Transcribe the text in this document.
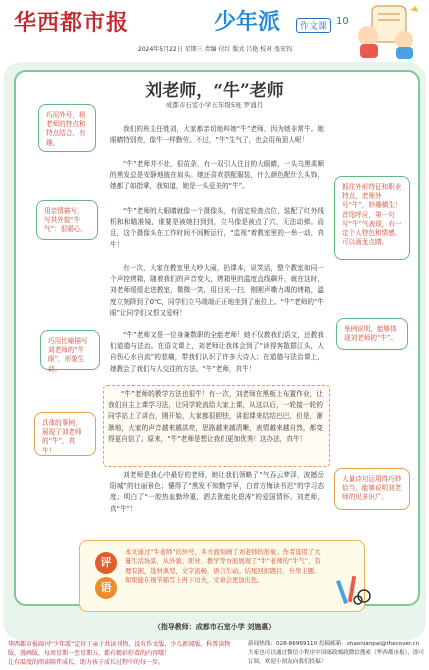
华西都市报	少年派	作文课 10
2024年5月22日 星期三 责编 付红 版式 吕艳 校对 张宏钧
刘老师，“牛”老师
成都市石室小学五年级5班 罗涌月

我们的班主任姓刘，大家都亲切地叫她“牛”老师，因为她非常牛。她眼睛特别亮，像牛一样勤劳。不过，“牛”生气了，也会用角顶人呢！

“牛”老师并不壮，很苗条，有一双引人注目的大眼睛，一头乌黑柔顺的黑发总是安静地披在肩头。她还喜欢搭配服装，什么颜色配什么头饰，她都了如指掌，我知道，她是一头爱美的“牛”。

“牛”老师的大眼睛就像一个摄像头，有固定检查点位，装配了红外线机和和瞄准镜，谁要是被她扫到到，立马像是被点了穴，无法动弹。而且，这个摄像头在工作时间不间断运行，“监视”着教室里的一举一动，真牛！

有一次，大家在教室里大吵大闹，扔课本，说笑话，整个教室如同一个声控烤箱，随着我们的声音变大，烤箱里的温度直线飙升，就在这时，刘老师缓缓走进教室，微微一笑，用目光一扫，刚刚声嘶力竭的烤箱，温度立刻降到了0℃，同学们立马端端正正地坐到了座位上。“牛”老师的“牛眼”让同学们又恨又爱呀！

“牛”老师又是一位身兼数职的全能老师！她不仅教我们语文，还教我们道德与法治。在语文课上，刘老师让我体会到了“读得客散群江头，人自伤心水自流”的悲痛，带我们认识了许多大诗人；在道德与法治课上，她教会了我们与人交往的方法。“牛”老师，真牛！

“牛”老师的教学方法也很牛！有一次，刘老师在黑板上布置作业，让我们自主上课学习法，让同学轮流给大家上课，从这以后，一轮接一轮的同学站上了讲台，刚开始，大家都很胆怯，讲起课来结结巴巴，但是，渐渐地，大家的声音越来越洪亮，思路越来越清晰，表情越来越自然，都变得更自信了。原来，“牛”老师是想让我们更加优秀！这办法，真牛！

刘老师是我心中最好的老师，她让我们领略了“气吞云梦泽，波撼岳阳城”的壮丽景色；懂得了“黑发不知勤学早，白首方悔读书迟”的学习态度；明白了“一腔热血勤珍重，洒去犹能化碧涛”的爱国情怀。刘老师，真“牛”！

巧用外号，将老师的特点和特点结合，有趣。
用亲情描写，写其外貌“牛气”：很暖心。
巧用比喻描写刘老师的“牛眼”，形象生动。
具体的事例，展现了刘老师的“牛”，真牛！
抓住外形特征和职业特点，老师外号“牛”，妙趣横生！首尾呼应，第一句写“牛”气表现，有一定个人特色和情感，可以画龙点睛。
举例说明，能够体现刘老师的“牛”。
大量诗句运用得巧妙恰当，能够说明刘老师的见多识广。
评
语
本文通过“牛老师”的外号，多方面刻画了刘老师的形象。作者选用了大量生活场景，从外貌、职业、教学等方面展现了“牛”老师的“牛气”，有理有据，选材典型，文字流畅，语言生动。结尾回扣题目，升华主题。如果能在细节描写上再下功夫，文章会更加出色。
（指导教师：成都市石室小学 刘施惠）
华西都市报副刊“少年派”定位于亲子共读刊物，设有作文版、少儿新闻版、科普读物版、漫画版，每周星期一至星期五，都有精彩好看的内容哦！
让有温度的阅读陪伴成长，助力孩子成长过程中的每一步。
新闻热线：028-86969110 投稿邮箱：shaonianpai@thecover.cn 大家也可以通过微信小程序中国邮政邮政微信搜索（华西都市报），即可订阅。欢迎小朋友向我们投稿！
